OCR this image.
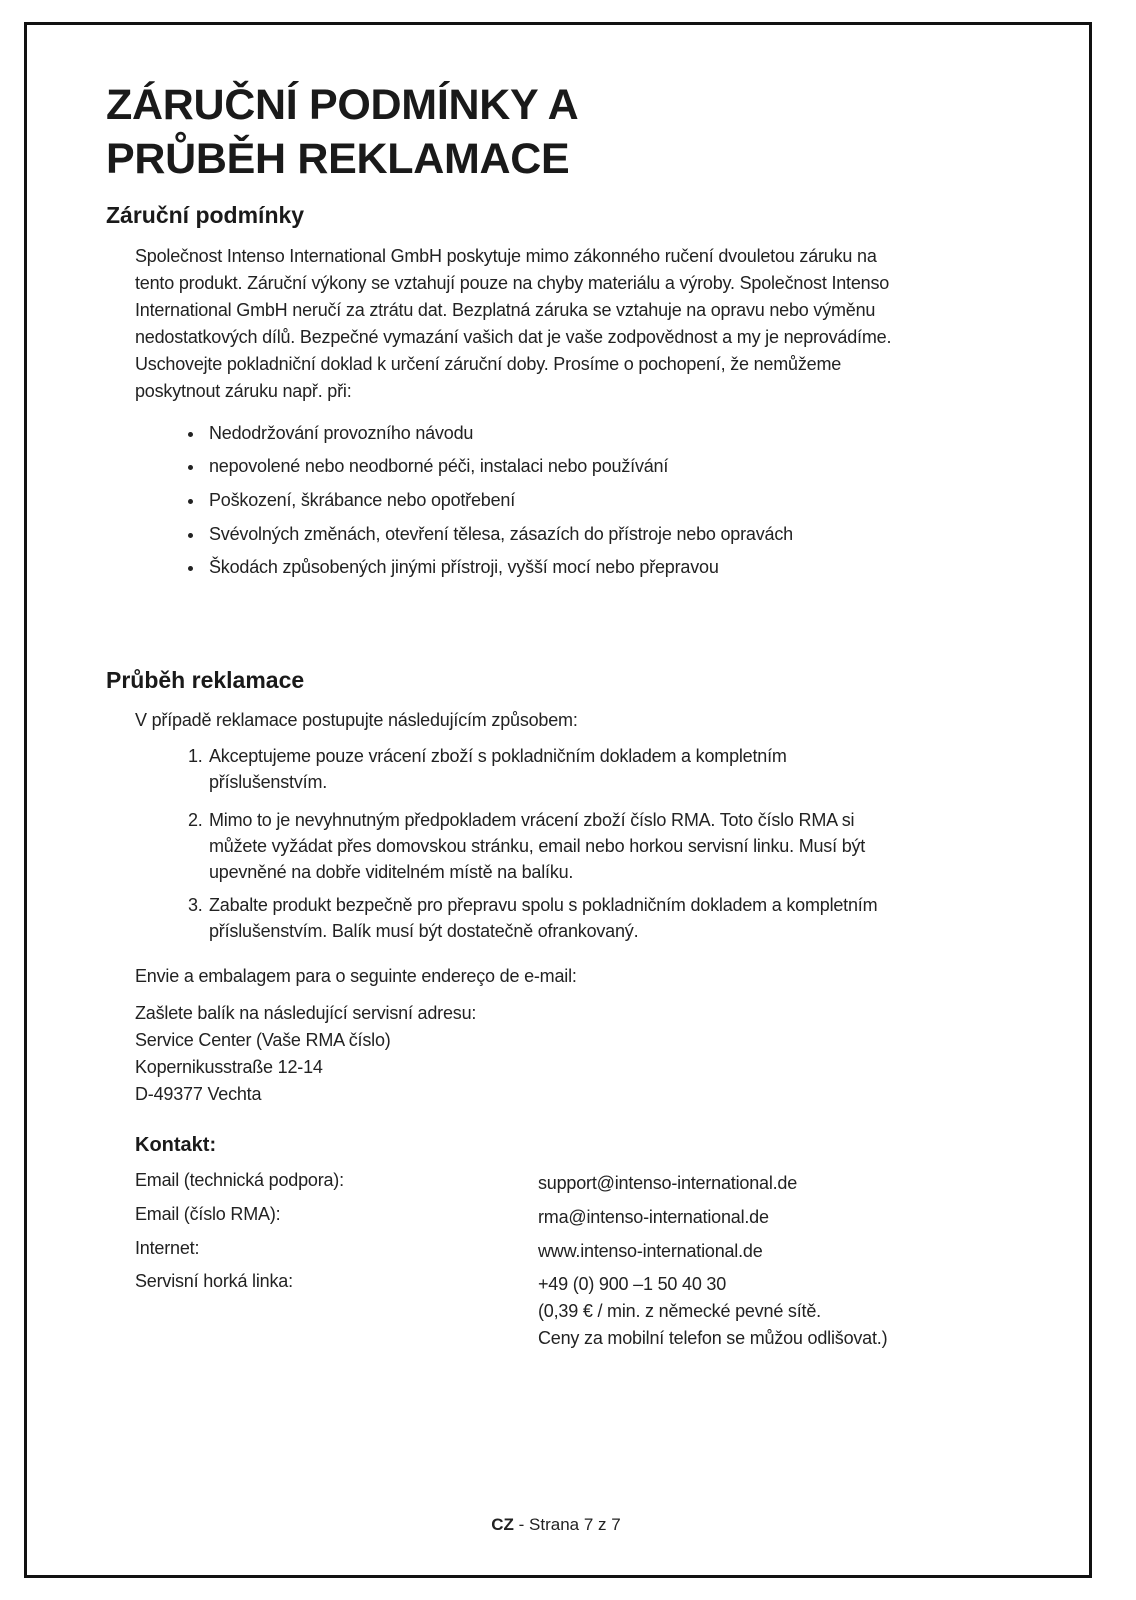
ZÁRUČNÍ PODMÍNKY A
PRŮBĚH REKLAMACE
Záruční podmínky
Společnost Intenso International GmbH poskytuje mimo zákonného ručení dvouletou záruku na
tento produkt. Záruční výkony se vztahují pouze na chyby materiálu a výroby. Společnost Intenso
International GmbH neručí za ztrátu dat. Bezplatná záruka se vztahuje na opravu nebo výměnu
nedostatkových dílů. Bezpečné vymazání vašich dat je vaše zodpovědnost a my je neprovádíme.
Uschovejte pokladniční doklad k určení záruční doby. Prosíme o pochopení, že nemůžeme
poskytnout záruku např. při:
Nedodržování provozního návodu
nepovolené nebo neodborné péči, instalaci nebo používání
Poškození, škrábance nebo opotřebení
Svévolných změnách, otevření tělesa, zásazích do přístroje nebo opravách
Škodách způsobených jinými přístroji, vyšší mocí nebo přepravou
Průběh reklamace
V případě reklamace postupujte následujícím způsobem:
1. Akceptujeme pouze vrácení zboží s pokladničním dokladem a kompletním
příslušenstvím.
2. Mimo to je nevyhnutným předpokladem vrácení zboží číslo RMA. Toto číslo RMA si
můžete vyžádat přes domovskou stránku, email nebo horkou servisní linku. Musí být
upevněné na dobře viditelném místě na balíku.
3. Zabalte produkt bezpečně pro přepravu spolu s pokladničním dokladem a kompletním
příslušenstvím. Balík musí být dostatečně ofrankovaný.
Envie a embalagem para o seguinte endereço de e-mail:
Zašlete balík na následující servisní adresu:
Service Center (Vaše RMA číslo)
Kopernikusstraße 12-14
D-49377 Vechta
Kontakt:
Email (technická podpora):	support@intenso-international.de
Email (číslo RMA):	rma@intenso-international.de
Internet:	www.intenso-international.de
Servisní horká linka:	+49 (0) 900 –1 50 40 30
(0,39 € / min. z německé pevné sítě.
Ceny za mobilní telefon se můžou odlišovat.)
CZ - Strana 7 z 7
